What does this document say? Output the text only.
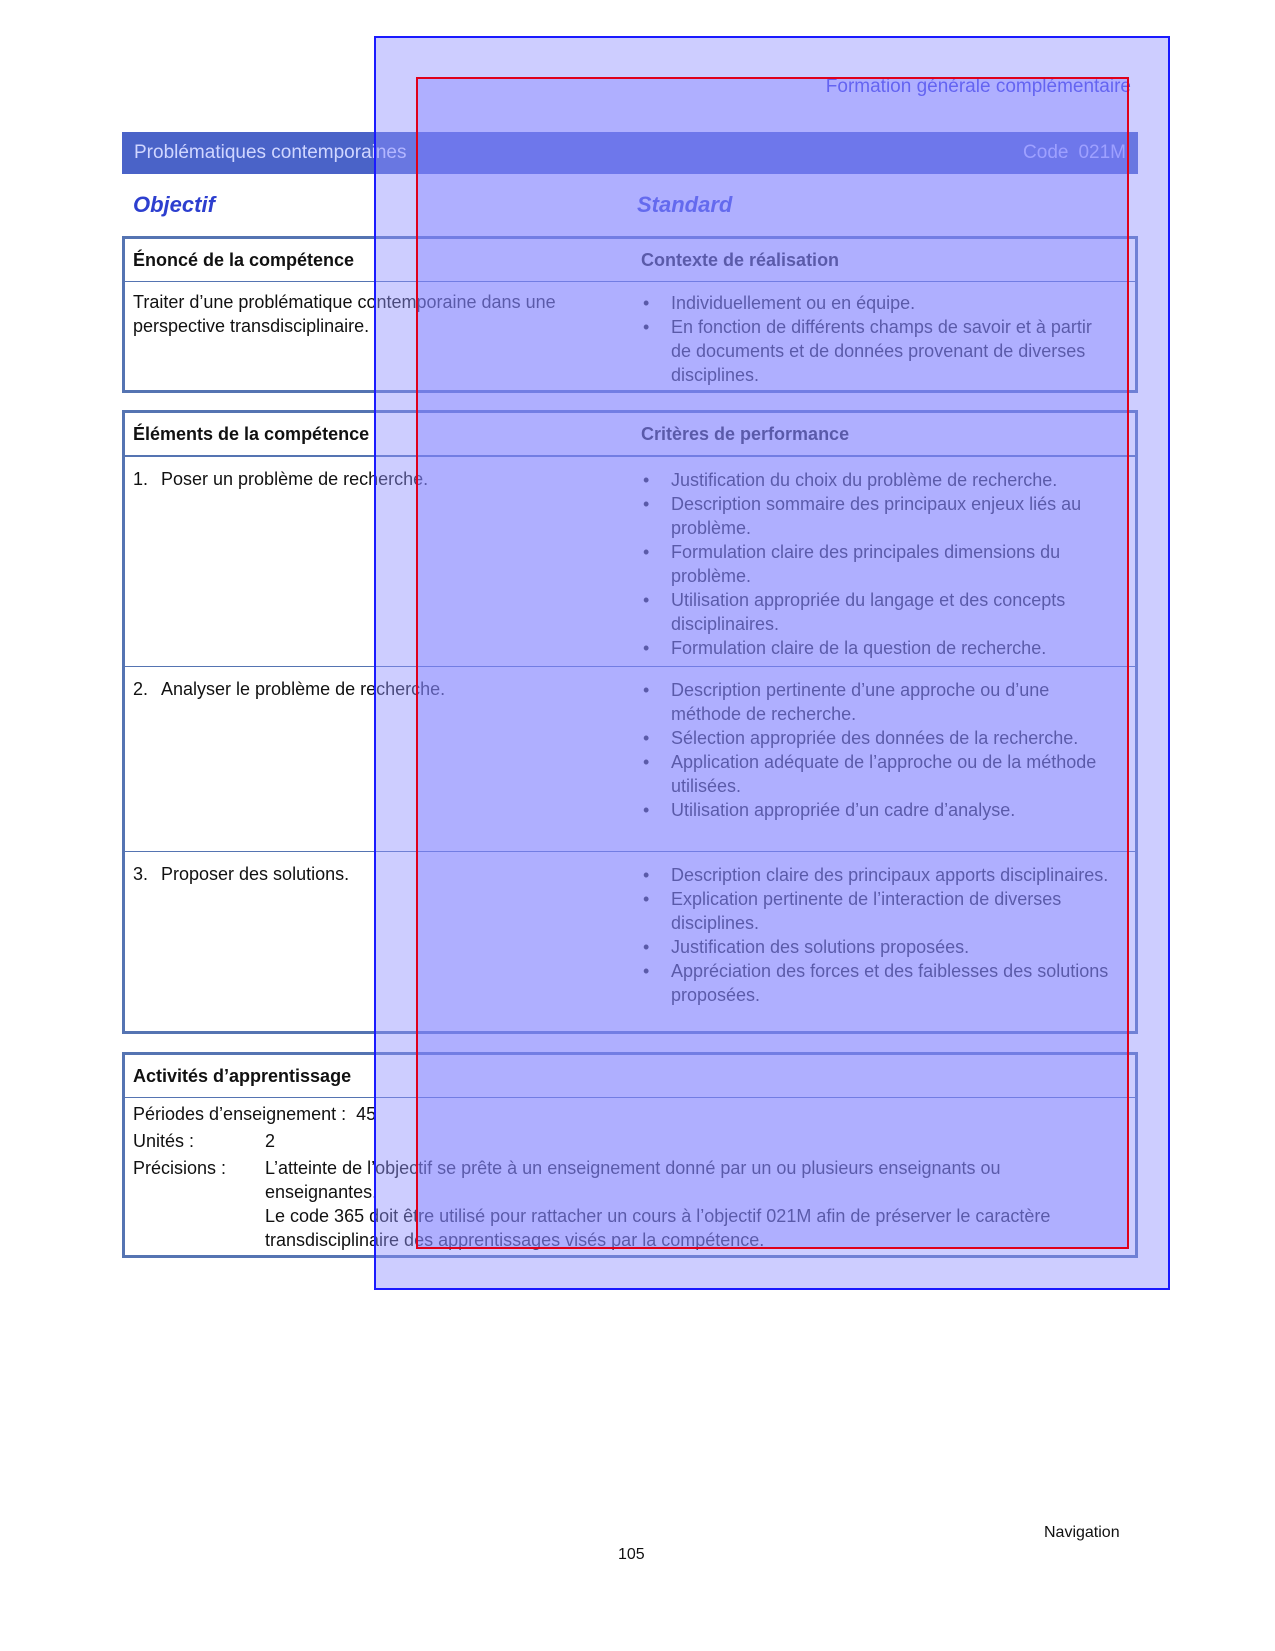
Formation générale complémentaire
Problématiques contemporaines	Code 021M
Objectif	Standard
Énoncé de la compétence	Contexte de réalisation
Traiter d’une problématique contemporaine dans une perspective transdisciplinaire.
• Individuellement ou en équipe.
• En fonction de différents champs de savoir et à partir de documents et de données provenant de diverses disciplines.
Éléments de la compétence	Critères de performance
1. Poser un problème de recherche.	• Justification du choix du problème de recherche.
• Description sommaire des principaux enjeux liés au problème.
• Formulation claire des principales dimensions du problème.
• Utilisation appropriée du langage et des concepts disciplinaires.
• Formulation claire de la question de recherche.
2. Analyser le problème de recherche.	• Description pertinente d’une approche ou d’une méthode de recherche.
• Sélection appropriée des données de la recherche.
• Application adéquate de l’approche ou de la méthode utilisées.
• Utilisation appropriée d’un cadre d’analyse.
3. Proposer des solutions.	• Description claire des principaux apports disciplinaires.
• Explication pertinente de l’interaction de diverses disciplines.
• Justification des solutions proposées.
• Appréciation des forces et des faiblesses des solutions proposées.
Activités d’apprentissage
Périodes d’enseignement : 45
Unités :	2
Précisions : L’atteinte de l’objectif se prête à un enseignement donné par un ou plusieurs enseignants ou enseignantes.
Le code 365 doit être utilisé pour rattacher un cours à l’objectif 021M afin de préserver le caractère transdisciplinaire des apprentissages visés par la compétence.
Navigation
105
